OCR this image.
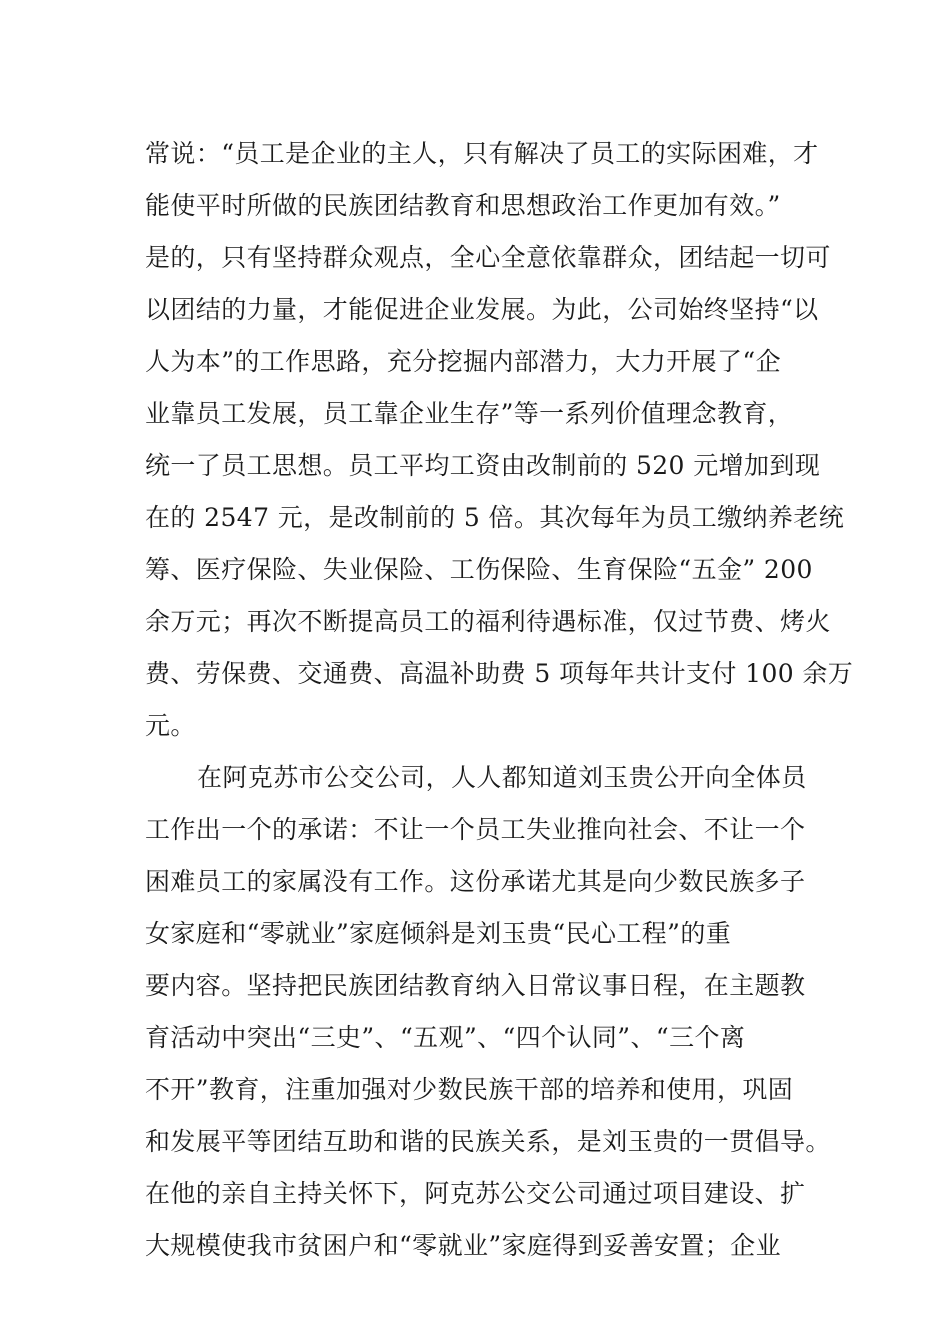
常说：“员工是企业的主人，只有解决了员工的实际困难，才
能使平时所做的民族团结教育和思想政治工作更加有效。”
是的，只有坚持群众观点，全心全意依靠群众，团结起一切可
以团结的力量，才能促进企业发展。为此，公司始终坚持“以
人为本”的工作思路，充分挖掘内部潜力，大力开展了“企
业靠员工发展，员工靠企业生存”等一系列价值理念教育，
统一了员工思想。员工平均工资由改制前的 520 元增加到现
在的 2547 元，是改制前的 5 倍。其次每年为员工缴纳养老统
筹、医疗保险、失业保险、工伤保险、生育保险“五金” 200
余万元；再次不断提高员工的福利待遇标准，仅过节费、烤火
费、劳保费、交通费、高温补助费 5 项每年共计支付 100 余万
元。
在阿克苏市公交公司，人人都知道刘玉贵公开向全体员
工作出一个的承诺：不让一个员工失业推向社会、不让一个
困难员工的家属没有工作。这份承诺尤其是向少数民族多子
女家庭和“零就业”家庭倾斜是刘玉贵“民心工程”的重
要内容。坚持把民族团结教育纳入日常议事日程，在主题教
育活动中突出“三史”、“五观”、“四个认同”、“三个离
不开”教育，注重加强对少数民族干部的培养和使用，巩固
和发展平等团结互助和谐的民族关系，是刘玉贵的一贯倡导。
在他的亲自主持关怀下，阿克苏公交公司通过项目建设、扩
大规模使我市贫困户和“零就业”家庭得到妥善安置；企业
